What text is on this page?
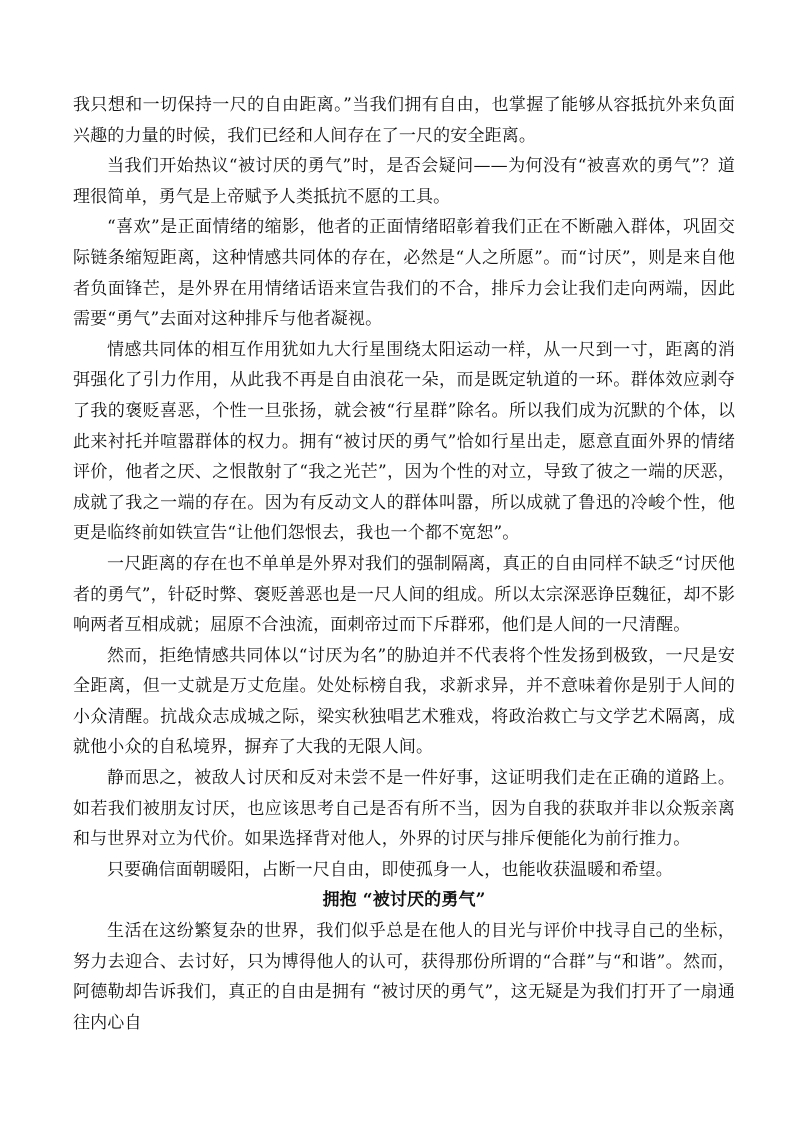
我只想和一切保持一尺的自由距离。”当我们拥有自由，也掌握了能够从容抵抗外来负面兴趣的力量的时候，我们已经和人间存在了一尺的安全距离。

当我们开始热议“被讨厌的勇气”时，是否会疑问——为何没有“被喜欢的勇气”？道理很简单，勇气是上帝赋予人类抵抗不愿的工具。

“喜欢”是正面情绪的缩影，他者的正面情绪昭彰着我们正在不断融入群体，巩固交际链条缩短距离，这种情感共同体的存在，必然是“人之所愿”。而“讨厌”，则是来自他者负面锋芒，是外界在用情绪话语来宣告我们的不合，排斥力会让我们走向两端，因此需要“勇气”去面对这种排斥与他者凝视。

情感共同体的相互作用犹如九大行星围绕太阳运动一样，从一尺到一寸，距离的消弭强化了引力作用，从此我不再是自由浪花一朵，而是既定轨道的一环。群体效应剥夺了我的褒贬喜恶，个性一旦张扬，就会被“行星群”除名。所以我们成为沉默的个体，以此来衬托并喧嚣群体的权力。拥有“被讨厌的勇气”恰如行星出走，愿意直面外界的情绪评价，他者之厌、之恨散射了“我之光芒”，因为个性的对立，导致了彼之一端的厌恶，成就了我之一端的存在。因为有反动文人的群体叫嚣，所以成就了鲁迅的冷峻个性，他更是临终前如铁宣告“让他们怨恨去，我也一个都不宽恕”。

一尺距离的存在也不单单是外界对我们的强制隔离，真正的自由同样不缺乏“讨厌他者的勇气”，针砭时弊、褒贬善恶也是一尺人间的组成。所以太宗深恶诤臣魏征，却不影响两者互相成就；屈原不合浊流，面刺帝过而下斥群邪，他们是人间的一尺清醒。

然而，拒绝情感共同体以“讨厌为名”的胁迫并不代表将个性发扬到极致，一尺是安全距离，但一丈就是万丈危崖。处处标榜自我，求新求异，并不意味着你是别于人间的小众清醒。抗战众志成城之际，梁实秋独唱艺术雅戏，将政治救亡与文学艺术隔离，成就他小众的自私境界，摒弃了大我的无限人间。

静而思之，被敌人讨厌和反对未尝不是一件好事，这证明我们走在正确的道路上。如若我们被朋友讨厌，也应该思考自己是否有所不当，因为自我的获取并非以众叛亲离和与世界对立为代价。如果选择背对他人，外界的讨厌与排斥便能化为前行推力。

只要确信面朝暖阳，占断一尺自由，即使孤身一人，也能收获温暖和希望。

拥抱 “被讨厌的勇气”

生活在这纷繁复杂的世界，我们似乎总是在他人的目光与评价中找寻自己的坐标，努力去迎合、去讨好，只为博得他人的认可，获得那份所谓的“合群”与“和谐”。然而，阿德勒却告诉我们，真正的自由是拥有 “被讨厌的勇气”，这无疑是为我们打开了一扇通往内心自
